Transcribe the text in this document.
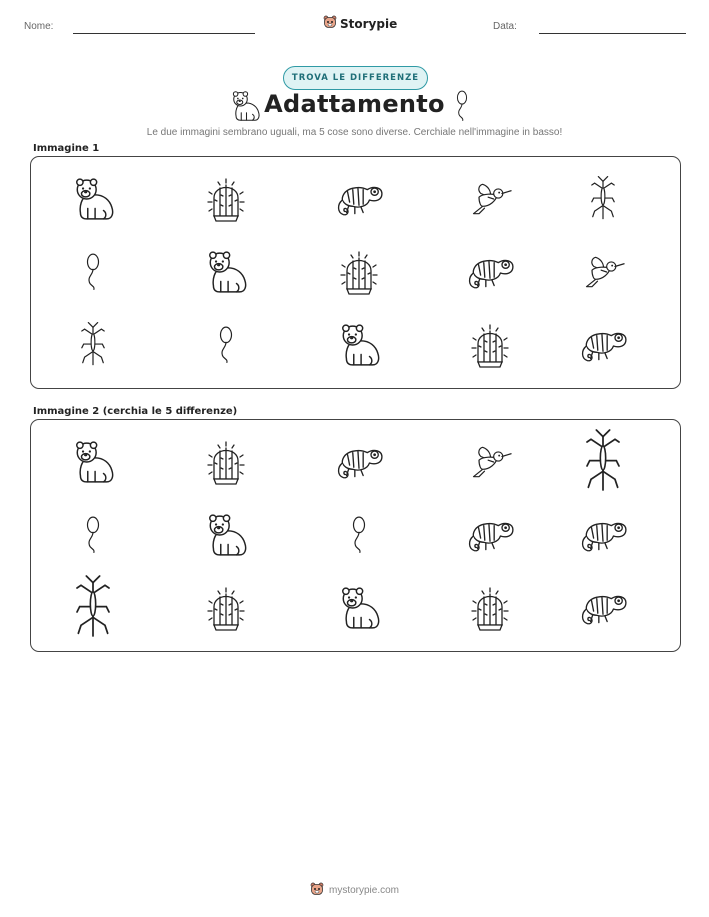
Nome:	Storypie	Data:
TROVA LE DIFFERENZE
Adattamento
Le due immagini sembrano uguali, ma 5 cose sono diverse. Cerchiale nell'immagine in basso!
Immagine 1
Immagine 2 (cerchia le 5 differenze)
mystorypie.com
